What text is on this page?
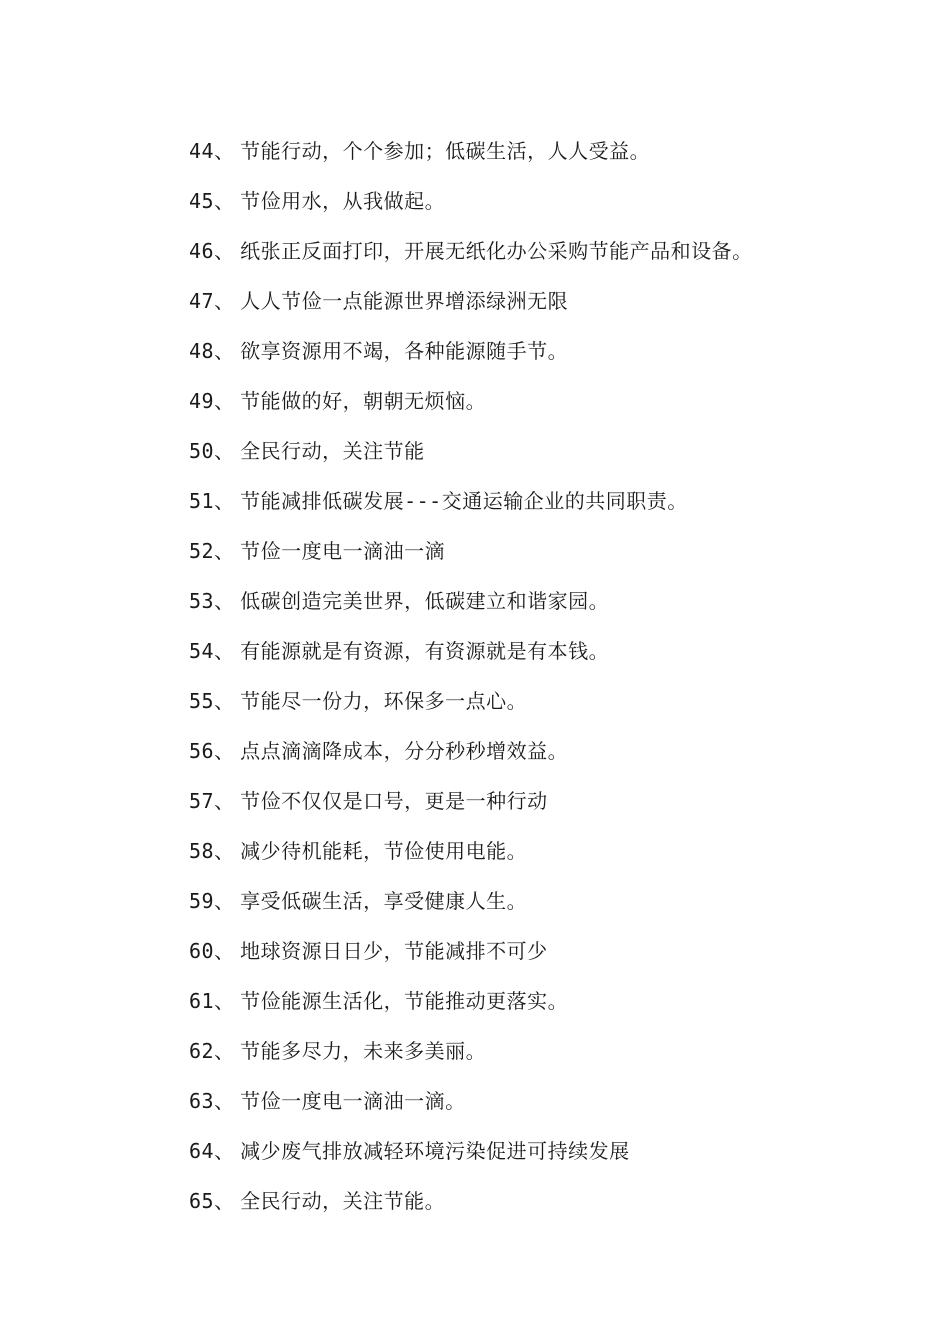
44、 节能行动，个个参加；低碳生活，人人受益。
45、 节俭用水，从我做起。
46、 纸张正反面打印，开展无纸化办公采购节能产品和设备。
47、 人人节俭一点能源世界增添绿洲无限
48、 欲享资源用不竭，各种能源随手节。
49、 节能做的好，朝朝无烦恼。
50、 全民行动，关注节能
51、 节能减排低碳发展---交通运输企业的共同职责。
52、 节俭一度电一滴油一滴
53、 低碳创造完美世界，低碳建立和谐家园。
54、 有能源就是有资源，有资源就是有本钱。
55、 节能尽一份力，环保多一点心。
56、 点点滴滴降成本，分分秒秒增效益。
57、 节俭不仅仅是口号，更是一种行动
58、 减少待机能耗，节俭使用电能。
59、 享受低碳生活，享受健康人生。
60、 地球资源日日少，节能减排不可少
61、 节俭能源生活化，节能推动更落实。
62、 节能多尽力，未来多美丽。
63、 节俭一度电一滴油一滴。
64、 减少废气排放减轻环境污染促进可持续发展
65、 全民行动，关注节能。
